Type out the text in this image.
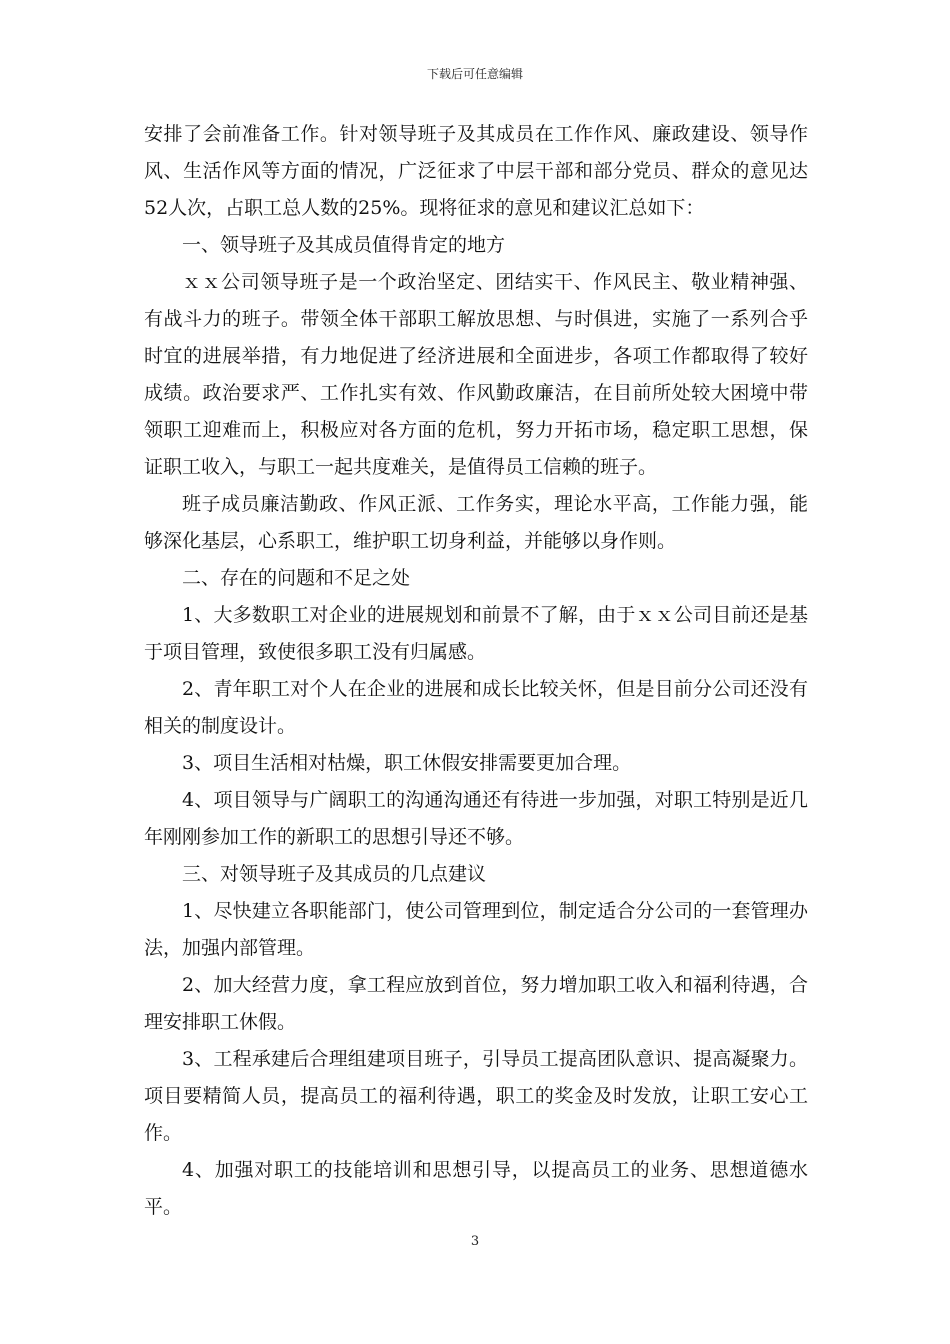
下载后可任意编辑

安排了会前准备工作。针对领导班子及其成员在工作作风、廉政建设、领导作风、生活作风等方面的情况，广泛征求了中层干部和部分党员、群众的意见达52人次，占职工总人数的25%。现将征求的意见和建议汇总如下：

一、领导班子及其成员值得肯定的地方

ｘｘ公司领导班子是一个政治坚定、团结实干、作风民主、敬业精神强、有战斗力的班子。带领全体干部职工解放思想、与时俱进，实施了一系列合乎时宜的进展举措，有力地促进了经济进展和全面进步，各项工作都取得了较好成绩。政治要求严、工作扎实有效、作风勤政廉洁，在目前所处较大困境中带领职工迎难而上，积极应对各方面的危机，努力开拓市场，稳定职工思想，保证职工收入，与职工一起共度难关，是值得员工信赖的班子。

班子成员廉洁勤政、作风正派、工作务实，理论水平高，工作能力强，能够深化基层，心系职工，维护职工切身利益，并能够以身作则。

二、存在的问题和不足之处

1、大多数职工对企业的进展规划和前景不了解，由于ｘｘ公司目前还是基于项目管理，致使很多职工没有归属感。

2、青年职工对个人在企业的进展和成长比较关怀，但是目前分公司还没有相关的制度设计。

3、项目生活相对枯燥，职工休假安排需要更加合理。

4、项目领导与广阔职工的沟通沟通还有待进一步加强，对职工特别是近几年刚刚参加工作的新职工的思想引导还不够。

三、对领导班子及其成员的几点建议

1、尽快建立各职能部门，使公司管理到位，制定适合分公司的一套管理办法，加强内部管理。

2、加大经营力度，拿工程应放到首位，努力增加职工收入和福利待遇，合理安排职工休假。

3、工程承建后合理组建项目班子，引导员工提高团队意识、提高凝聚力。项目要精简人员，提高员工的福利待遇，职工的奖金及时发放，让职工安心工作。

4、加强对职工的技能培训和思想引导，以提高员工的业务、思想道德水平。

3
